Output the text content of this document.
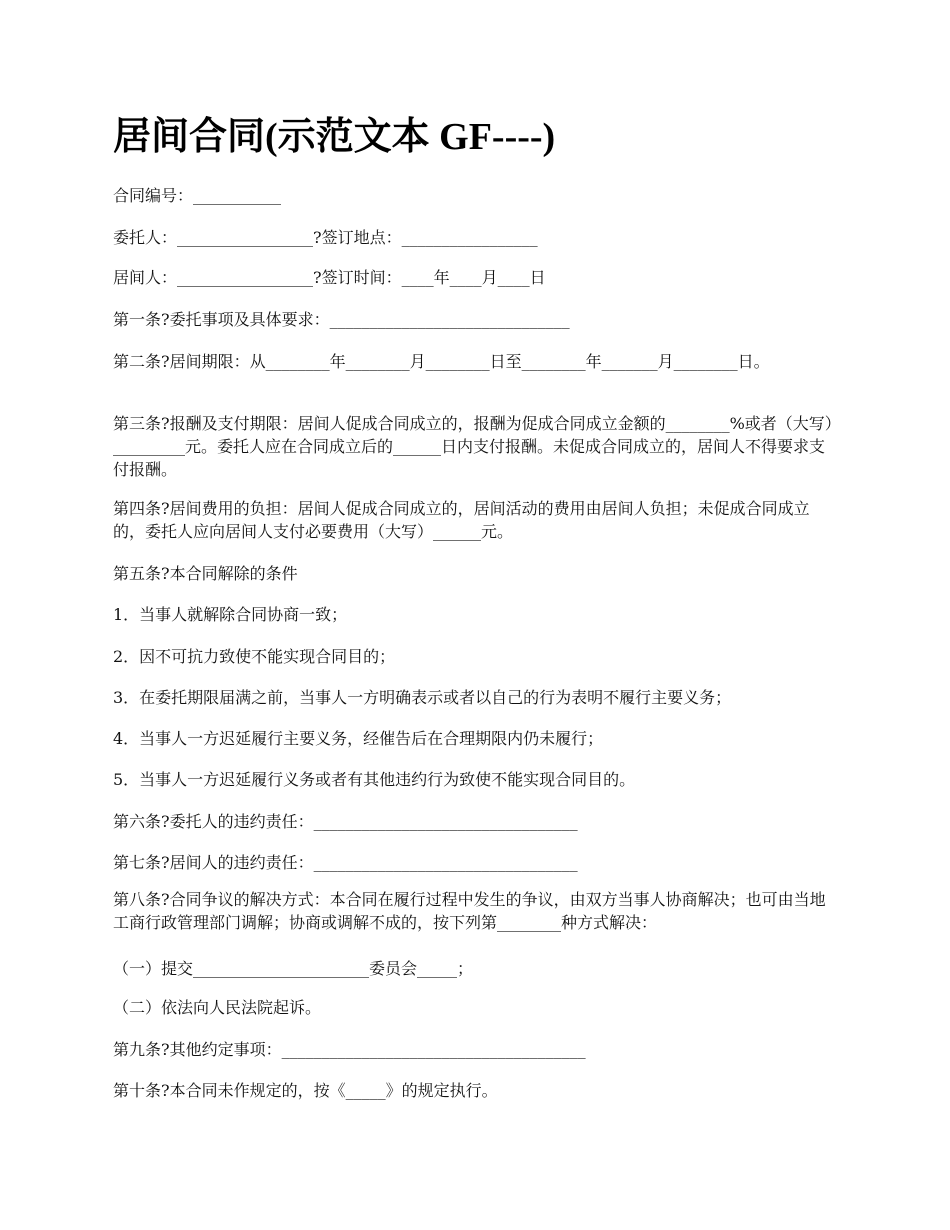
居间合同(示范文本 GF----)

合同编号：___________

委托人：_________________?签订地点：_________________

居间人：_________________?签订时间：____年____月____日

第一条?委托事项及具体要求：______________________________

第二条?居间期限：从________年________月________日至________年_______月________日。

第三条?报酬及支付期限：居间人促成合同成立的，报酬为促成合同成立金额的________%或者（大写）_________元。委托人应在合同成立后的______日内支付报酬。未促成合同成立的，居间人不得要求支付报酬。

第四条?居间费用的负担：居间人促成合同成立的，居间活动的费用由居间人负担；未促成合同成立的，委托人应向居间人支付必要费用（大写）______元。

第五条?本合同解除的条件

1．当事人就解除合同协商一致；

2．因不可抗力致使不能实现合同目的；

3．在委托期限届满之前，当事人一方明确表示或者以自己的行为表明不履行主要义务；

4．当事人一方迟延履行主要义务，经催告后在合理期限内仍未履行；

5．当事人一方迟延履行义务或者有其他违约行为致使不能实现合同目的。

第六条?委托人的违约责任：_________________________________

第七条?居间人的违约责任：_________________________________

第八条?合同争议的解决方式：本合同在履行过程中发生的争议，由双方当事人协商解决；也可由当地工商行政管理部门调解；协商或调解不成的，按下列第________种方式解决：

（一）提交______________________委员会_____；

（二）依法向人民法院起诉。

第九条?其他约定事项：______________________________________

第十条?本合同未作规定的，按《_____》的规定执行。
